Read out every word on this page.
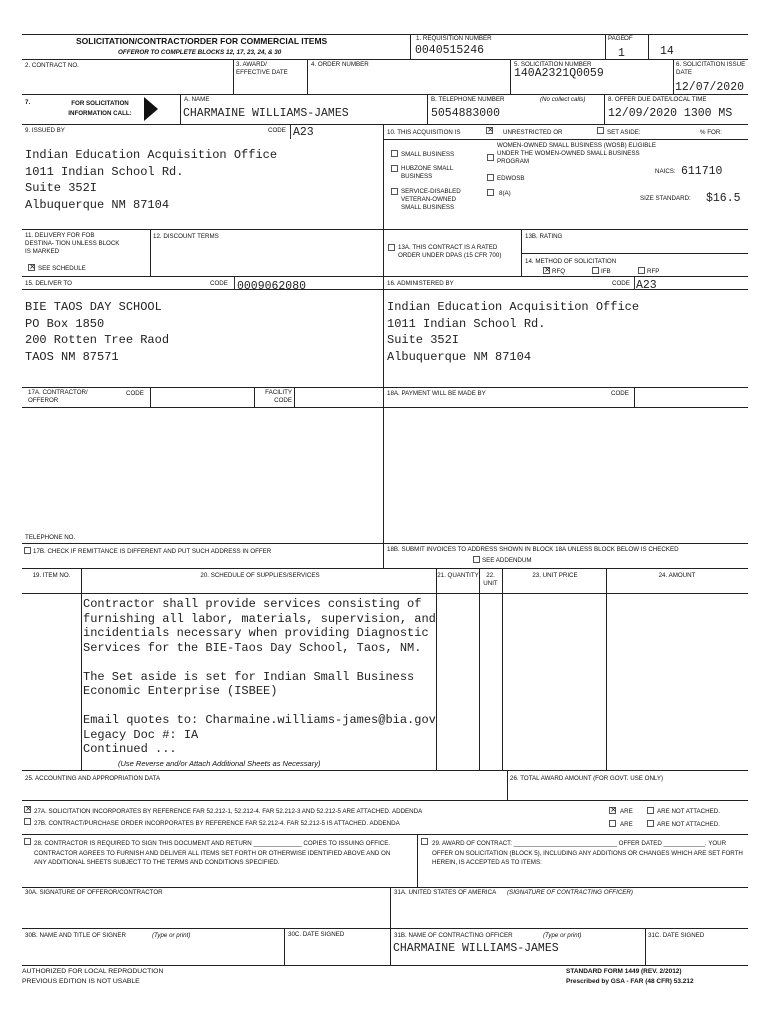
SOLICITATION/CONTRACT/ORDER FOR COMMERCIAL ITEMS
OFFEROR TO COMPLETE BLOCKS 12, 17, 23, 24, & 30
1. REQUISITION NUMBER
0040515246
PAGE OF
1	14
2. CONTRACT NO.	3. AWARD/ EFFECTIVE DATE
4. ORDER NUMBER	5. SOLICITATION NUMBER
140A2321Q0059
6. SOLICITATION ISSUE DATE
12/07/2020
7.	FOR SOLICITATION INFORMATION CALL:
A. NAME
CHARMAINE WILLIAMS-JAMES
B. TELEPHONE NUMBER	(No collect calls)
5054883000
8. OFFER DUE DATE/LOCAL TIME
12/09/2020 1300 MS
9. ISSUED BY	CODE A23
Indian Education Acquisition Office
1011 Indian School Rd.
Suite 352I
Albuquerque NM 87104
10. THIS ACQUISITION IS ×	UNRESTRICTED OR	SET ASIDE:	% FOR:
SMALL BUSINESS
WOMEN-OWNED SMALL BUSINESS (WOSB) ELIGIBLE UNDER THE WOMEN-OWNED SMALL BUSINESS PROGRAM
HUBZONE SMALL BUSINESS	EDWOSB
SERVICE-DISABLED VETERAN-OWNED SMALL BUSINESS
8(A)
NAICS: 611710
SIZE STANDARD: $16.5
11. DELIVERY FOR FOB DESTINA- TION UNLESS BLOCK IS MARKED
×
SEE SCHEDULE
12. DISCOUNT TERMS
13A. THIS CONTRACT IS A RATED ORDER UNDER DPAS (15 CFR 700)
13B. RATING
14. METHOD OF SOLICITATION
×
RFQ	IFB	RFP
15. DELIVER TO	CODE 0009062080
BIE TAOS DAY SCHOOL
PO Box 1850
200 Rotten Tree Raod
TAOS NM 87571
16. ADMINISTERED BY	CODE A23
Indian Education Acquisition Office
1011 Indian School Rd.
Suite 352I
Albuquerque NM 87104
17A. CONTRACTOR/ OFFEROR
CODE	FACILITY CODE
18A. PAYMENT WILL BE MADE BY	CODE
TELEPHONE NO.
17B. CHECK IF REMITTANCE IS DIFFERENT AND PUT SUCH ADDRESS IN OFFER	18B. SUBMIT INVOICES TO ADDRESS SHOWN IN BLOCK 18A UNLESS BLOCK BELOW IS CHECKED
SEE ADDENDUM
19. ITEM NO.	20. SCHEDULE OF SUPPLIES/SERVICES	21. QUANTITY	22. UNIT
23. UNIT PRICE	24. AMOUNT
Contractor shall provide services consisting of
furnishing all labor, materials, supervision, and
incidentials necessary when providing Diagnostic
Services for the BIE-Taos Day School, Taos, NM.

The Set aside is set for Indian Small Business
Economic Enterprise (ISBEE)

Email quotes to: Charmaine.williams-james@bia.gov
Legacy Doc #: IA
Continued ...
(Use Reverse and/or Attach Additional Sheets as Necessary)
25. ACCOUNTING AND APPROPRIATION DATA	26. TOTAL AWARD AMOUNT (FOR GOVT. USE ONLY)
×
27A. SOLICITATION INCORPORATES BY REFERENCE FAR 52.212-1, 52.212-4. FAR 52.212-3 AND 52.212-5 ARE ATTACHED. ADDENDA ×	ARE	ARE NOT ATTACHED.
27B. CONTRACT/PURCHASE ORDER INCORPORATES BY REFERENCE FAR 52.212-4. FAR 52.212-5 IS ATTACHED. ADDENDA	ARE	ARE NOT ATTACHED.
28. CONTRACTOR IS REQUIRED TO SIGN THIS DOCUMENT AND RETURN ______________ COPIES TO ISSUING OFFICE. CONTRACTOR AGREES TO FURNISH AND DELIVER ALL ITEMS SET FORTH OR OTHERWISE IDENTIFIED ABOVE AND ON ANY ADDITIONAL SHEETS SUBJECT TO THE TERMS AND CONDITIONS SPECIFIED.
29. AWARD OF CONTRACT: ______________________________ OFFER DATED ____________. YOUR OFFER ON SOLICITATION (BLOCK 5), INCLUDING ANY ADDITIONS OR CHANGES WHICH ARE SET FORTH HEREIN, IS ACCEPTED AS TO ITEMS:
30A. SIGNATURE OF OFFEROR/CONTRACTOR	31A. UNITED STATES OF AMERICA (SIGNATURE OF CONTRACTING OFFICER)
30B. NAME AND TITLE OF SIGNER	(Type or print)	30C. DATE SIGNED	31B. NAME OF CONTRACTING OFFICER	(Type or print)
CHARMAINE WILLIAMS-JAMES
31C. DATE SIGNED
AUTHORIZED FOR LOCAL REPRODUCTION
PREVIOUS EDITION IS NOT USABLE
STANDARD FORM 1449 (REV. 2/2012)
Prescribed by GSA - FAR (48 CFR) 53.212
